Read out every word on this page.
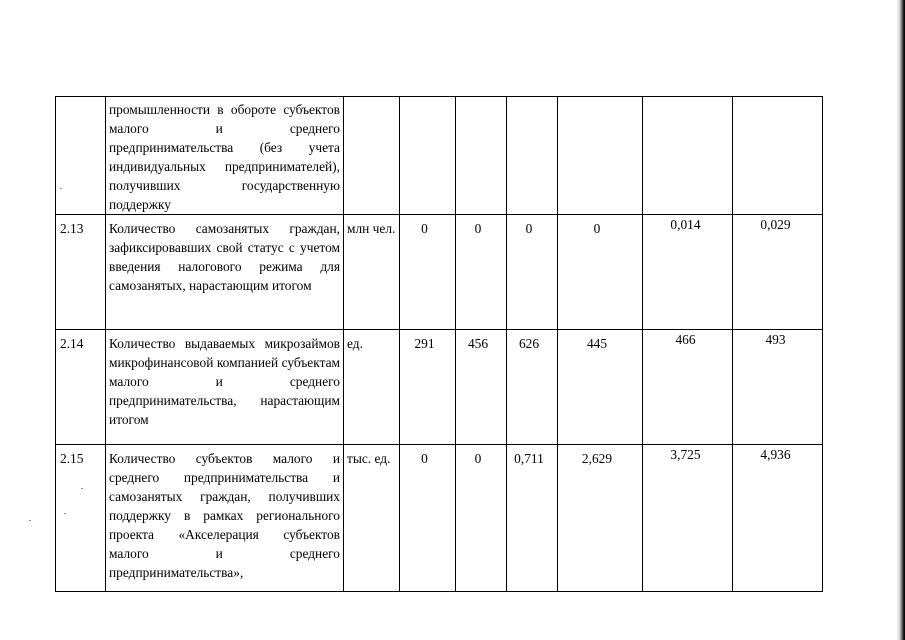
	промышленности в обороте субъектов малого и среднего предпринимательства (без учета индивидуальных предпринимателей), получивших государственную поддержку							
2.13	Количество самозанятых граждан, зафиксировавших свой статус с учетом введения налогового режима для самозанятых, нарастающим итогом	млн чел.	0	0	0	0	0,014	0,029
2.14	Количество выдаваемых микрозаймов микрофинансовой компанией субъектам малого и среднего предпринимательства, нарастающим итогом	ед.	291	456	626	445	466	493
2.15	Количество субъектов малого и среднего предпринимательства и самозанятых граждан, получивших поддержку в рамках регионального проекта «Акселерация субъектов малого и среднего предпринимательства»,	тыс. ед.	0	0	0,711	2,629	3,725	4,936
